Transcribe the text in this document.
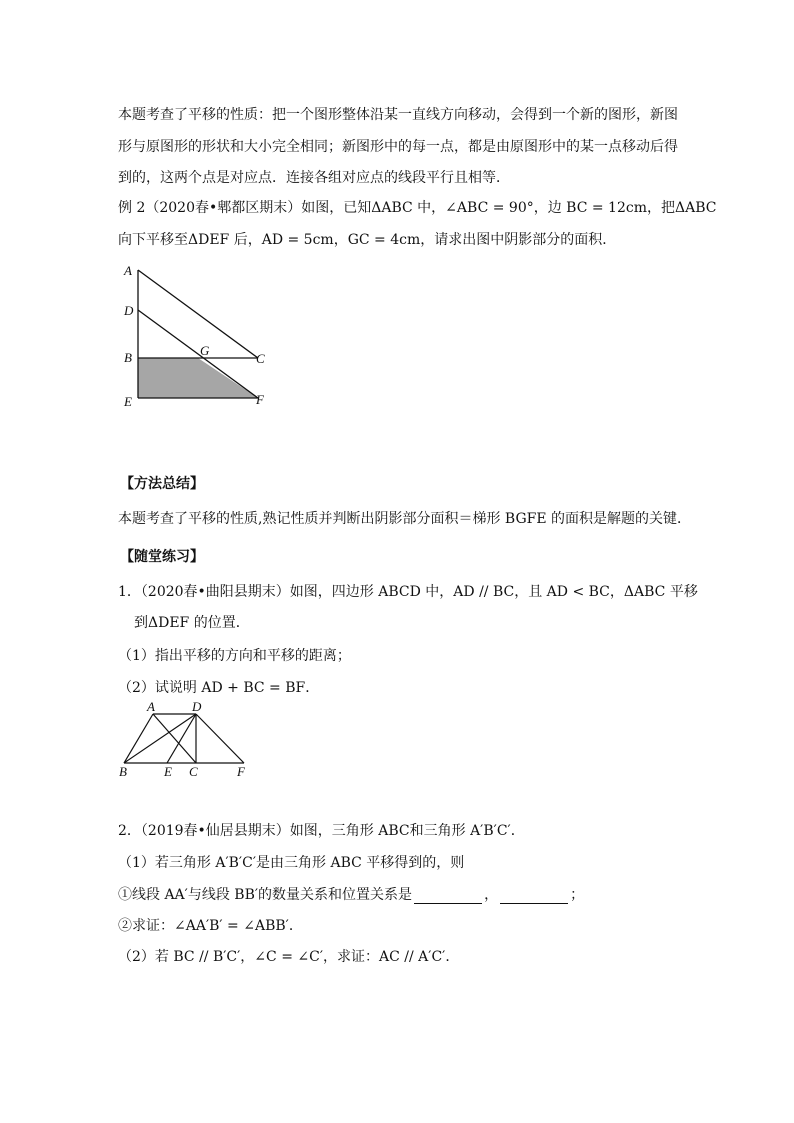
本题考查了平移的性质：把一个图形整体沿某一直线方向移动，会得到一个新的图形，新图
形与原图形的形状和大小完全相同；新图形中的每一点，都是由原图形中的某一点移动后得
到的，这两个点是对应点．连接各组对应点的线段平行且相等．
例 2（2020春•郫都区期末）如图，已知ΔABC 中，∠ABC = 90°，边 BC = 12cm，把ΔABC
向下平移至ΔDEF 后，AD = 5cm，GC = 4cm，请求出图中阴影部分的面积．
A
D
B	G
C
E	F
【方法总结】
本题考查了平移的性质,熟记性质并判断出阴影部分面积＝梯形 BGFE 的面积是解题的关键．
【随堂练习】
1．（2020春•曲阳县期末）如图，四边形 ABCD 中，AD // BC，且 AD < BC，ΔABC 平移
到ΔDEF 的位置．
（1）指出平移的方向和平移的距离；
（2）试说明 AD + BC = BF．
A	D
B	E C	F
2．（2019春•仙居县期末）如图，三角形 ABC和三角形 A′B′C′．
（1）若三角形 A′B′C′是由三角形 ABC 平移得到的，则
①线段 AA′与线段 BB′的数量关系和位置关系是	，	；
②求证：∠AA′B′ = ∠ABB′．
（2）若 BC // B′C′，∠C = ∠C′，求证：AC // A′C′．
